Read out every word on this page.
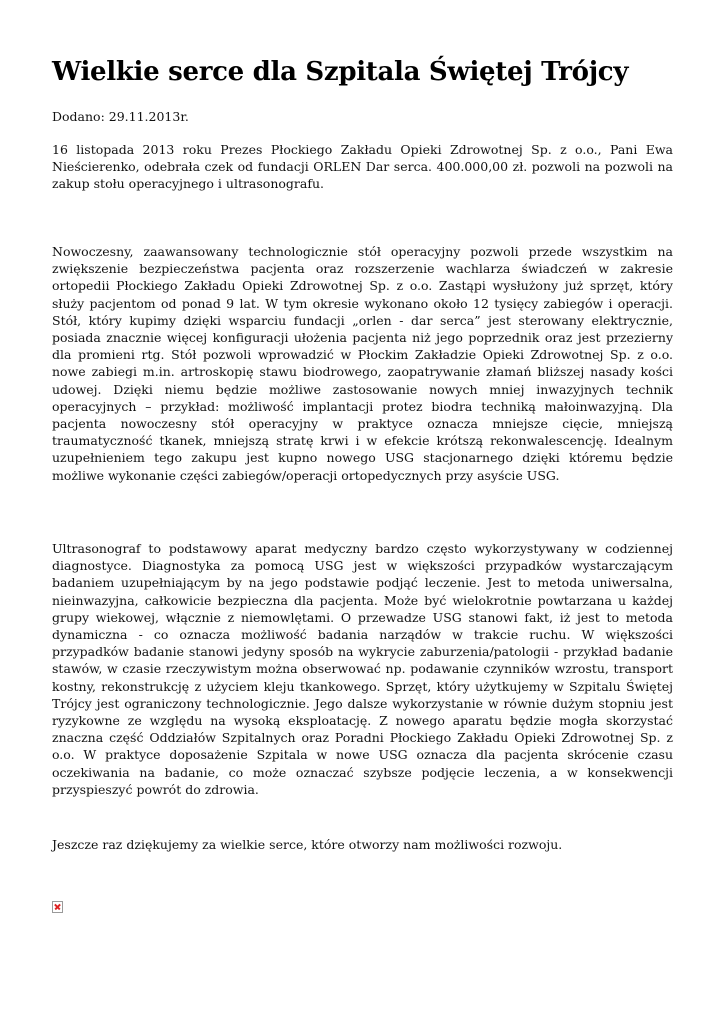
Wielkie serce dla Szpitala Świętej Trójcy

Dodano: 29.11.2013r.

16 listopada 2013 roku Prezes Płockiego Zakładu Opieki Zdrowotnej Sp. z o.o., Pani Ewa Nieścierenko, odebrała czek od fundacji ORLEN Dar serca. 400.000,00 zł. pozwoli na pozwoli na zakup stołu operacyjnego i ultrasonografu.

Nowoczesny, zaawansowany technologicznie stół operacyjny pozwoli przede wszystkim na zwiększenie bezpieczeństwa pacjenta oraz rozszerzenie wachlarza świadczeń w zakresie ortopedii Płockiego Zakładu Opieki Zdrowotnej Sp. z o.o. Zastąpi wysłużony już sprzęt, który służy pacjentom od ponad 9 lat. W tym okresie wykonano około 12 tysięcy zabiegów i operacji. Stół, który kupimy dzięki wsparciu fundacji „orlen - dar serca” jest sterowany elektrycznie, posiada znacznie więcej konfiguracji ułożenia pacjenta niż jego poprzednik oraz jest przezierny dla promieni rtg. Stół pozwoli wprowadzić w Płockim Zakładzie Opieki Zdrowotnej Sp. z o.o. nowe zabiegi m.in. artroskopię stawu biodrowego, zaopatrywanie złamań bliższej nasady kości udowej. Dzięki niemu będzie możliwe zastosowanie nowych mniej inwazyjnych technik operacyjnych – przykład: możliwość implantacji protez biodra techniką małoinwazyjną. Dla pacjenta nowoczesny stół operacyjny w praktyce oznacza mniejsze cięcie, mniejszą traumatyczność tkanek, mniejszą stratę krwi i w efekcie krótszą rekonwalescencję. Idealnym uzupełnieniem tego zakupu jest kupno nowego USG stacjonarnego dzięki któremu będzie możliwe wykonanie części zabiegów/operacji ortopedycznych przy asyście USG.

Ultrasonograf to podstawowy aparat medyczny bardzo często wykorzystywany w codziennej diagnostyce. Diagnostyka za pomocą USG jest w większości przypadków wystarczającym badaniem uzupełniającym by na jego podstawie podjąć leczenie. Jest to metoda uniwersalna, nieinwazyjna, całkowicie bezpieczna dla pacjenta. Może być wielokrotnie powtarzana u każdej grupy wiekowej, włącznie z niemowlętami. O przewadze USG stanowi fakt, iż jest to metoda dynamiczna - co oznacza możliwość badania narządów w trakcie ruchu. W większości przypadków badanie stanowi jedyny sposób na wykrycie zaburzenia/patologii - przykład badanie stawów, w czasie rzeczywistym można obserwować np. podawanie czynników wzrostu, transport kostny, rekonstrukcję z użyciem kleju tkankowego. Sprzęt, który użytkujemy w Szpitalu Świętej Trójcy jest ograniczony technologicznie. Jego dalsze wykorzystanie w równie dużym stopniu jest ryzykowne ze względu na wysoką eksploatację. Z nowego aparatu będzie mogła skorzystać znaczna część Oddziałów Szpitalnych oraz Poradni Płockiego Zakładu Opieki Zdrowotnej Sp. z o.o. W praktyce doposażenie Szpitala w nowe USG oznacza dla pacjenta skrócenie czasu oczekiwania na badanie, co może oznaczać szybsze podjęcie leczenia, a w konsekwencji przyspieszyć powrót do zdrowia.

Jeszcze raz dziękujemy za wielkie serce, które otworzy nam możliwości rozwoju.
